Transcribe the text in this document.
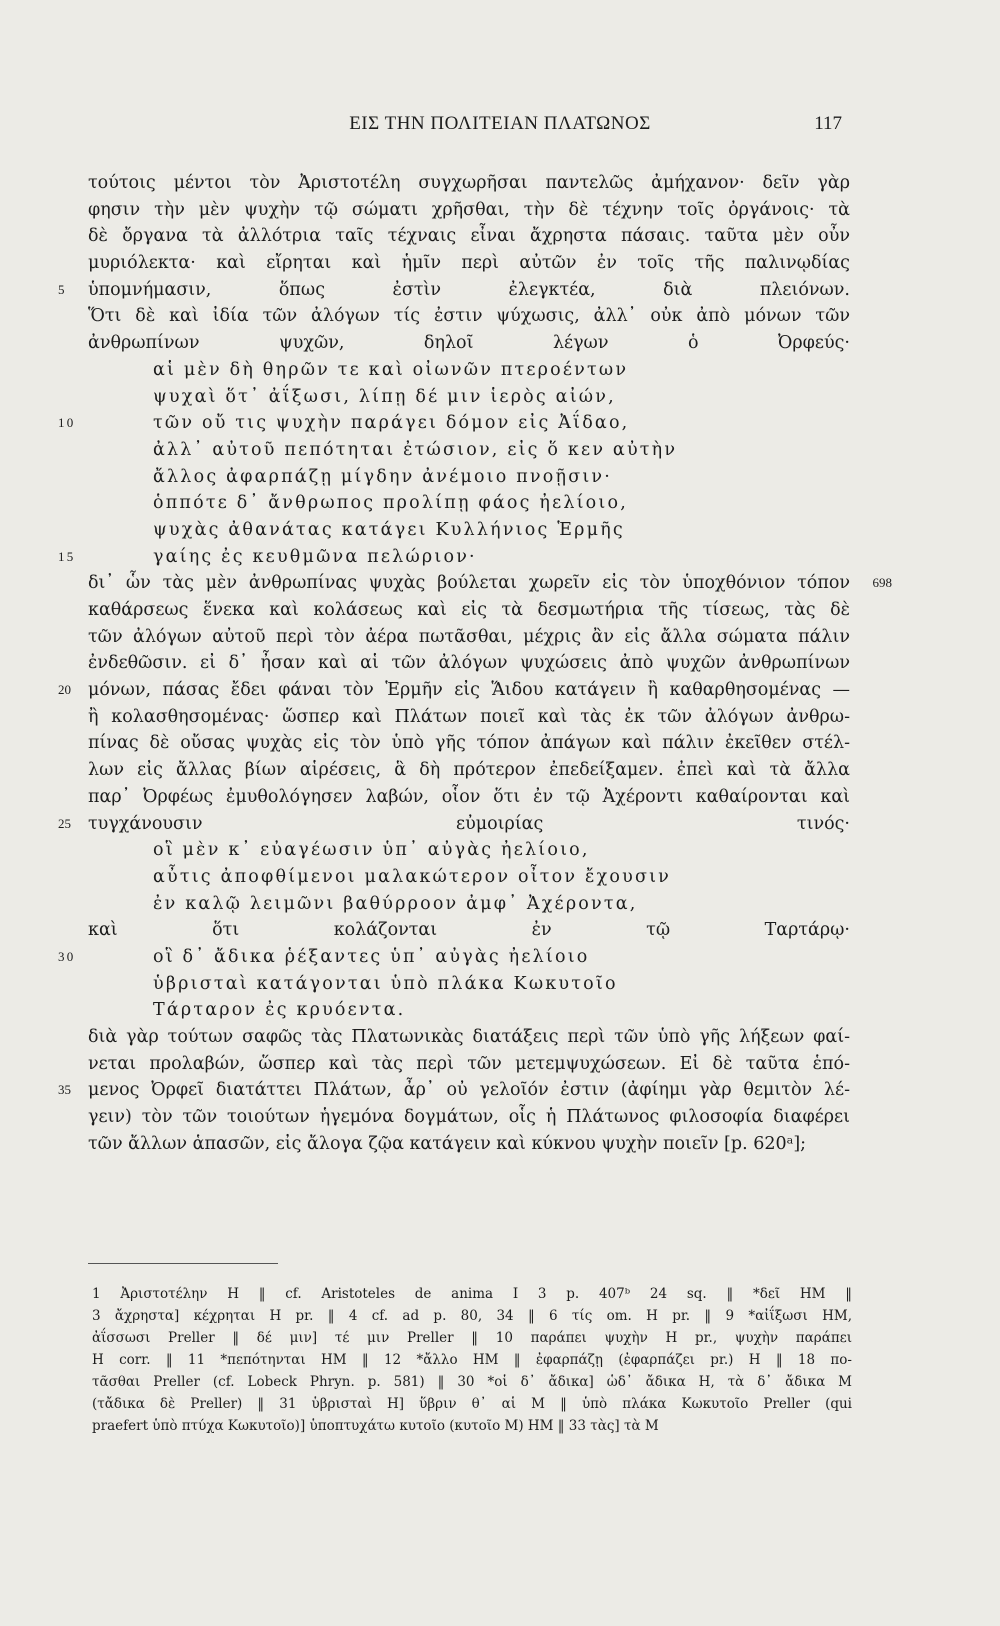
ΕΙΣ ΤΗΝ ΠΟΛΙΤΕΙΑΝ ΠΛΑΤΩΝΟΣ	117
τούτοις μέντοι τὸν Ἀριστοτέλη συγχωρῆσαι παντελῶς ἀμήχανον· δεῖν γὰρ
φησιν τὴν μὲν ψυχὴν τῷ σώματι χρῆσθαι, τὴν δὲ τέχνην τοῖς ὀργάνοις· τὰ
δὲ ὄργανα τὰ ἀλλότρια ταῖς τέχναις εἶναι ἄχρηστα πάσαις. ταῦτα μὲν οὖν
μυριόλεκτα· καὶ εἴρηται καὶ ἡμῖν περὶ αὐτῶν ἐν τοῖς τῆς παλινῳδίας
5	ὑπομνήμασιν, ὅπως ἐστὶν ἐλεγκτέα, διὰ πλειόνων.
Ὅτι δὲ καὶ ἰδία τῶν ἀλόγων τίς ἐστιν ψύχωσις, ἀλλ᾿ οὐκ ἀπὸ μόνων τῶν
ἀνθρωπίνων ψυχῶν, δηλοῖ λέγων ὁ Ὀρφεύς·
αἱ μὲν δὴ θηρῶν τε καὶ οἰωνῶν πτεροέντων
ψυχαὶ ὅτ᾿ ἀΐξωσι, λίπῃ δέ μιν ἱερὸς αἰών,
10	τῶν οὔ τις ψυχὴν παράγει δόμον εἰς Ἀΐδαο,
ἀλλ᾿ αὐτοῦ πεπότηται ἐτώσιον, εἰς ὅ κεν αὐτὴν
ἄλλος ἀφαρπάζῃ μίγδην ἀνέμοιο πνοῇσιν·
ὁππότε δ᾿ ἄνθρωπος προλίπῃ φάος ἠελίοιο,
ψυχὰς ἀθανάτας κατάγει Κυλλήνιος Ἑρμῆς
15	γαίης ἐς κευθμῶνα πελώριον·
δι᾿ ὧν τὰς μὲν ἀνθρωπίνας ψυχὰς βούλεται χωρεῖν εἰς τὸν ὑποχθόνιον τόπον 698
καθάρσεως ἕνεκα καὶ κολάσεως καὶ εἰς τὰ δεσμωτήρια τῆς τίσεως, τὰς δὲ
τῶν ἀλόγων αὐτοῦ περὶ τὸν ἀέρα πωτᾶσθαι, μέχρις ἂν εἰς ἄλλα σώματα πάλιν
ἐνδεθῶσιν. εἰ δ᾿ ἦσαν καὶ αἱ τῶν ἀλόγων ψυχώσεις ἀπὸ ψυχῶν ἀνθρωπίνων
20 μόνων, πάσας ἔδει φάναι τὸν Ἑρμῆν εἰς Ἅιδου κατάγειν ἢ καθαρθησομένας —
ἢ κολασθησομένας· ὥσπερ καὶ Πλάτων ποιεῖ καὶ τὰς ἐκ τῶν ἀλόγων ἀνθρω-
πίνας δὲ οὔσας ψυχὰς εἰς τὸν ὑπὸ γῆς τόπον ἀπάγων καὶ πάλιν ἐκεῖθεν στέλ-
λων εἰς ἄλλας βίων αἱρέσεις, ἃ δὴ πρότερον ἐπεδείξαμεν. ἐπεὶ καὶ τὰ ἄλλα
παρ᾿ Ὀρφέως ἐμυθολόγησεν λαβών, οἷον ὅτι ἐν τῷ Ἀχέροντι καθαίρονται καὶ
25 τυγχάνουσιν εὐμοιρίας τινός·
οἳ μὲν κ᾿ εὐαγέωσιν ὑπ᾿ αὐγὰς ἠελίοιο,
αὖτις ἀποφθίμενοι μαλακώτερον οἶτον ἔχουσιν
ἐν καλῷ λειμῶνι βαθύρροον ἀμφ᾿ Ἀχέροντα,
καὶ ὅτι κολάζονται ἐν τῷ Ταρτάρῳ·
30	οἳ δ᾿ ἄδικα ῥέξαντες ὑπ᾿ αὐγὰς ἠελίοιο
ὑβρισταὶ κατάγονται ὑπὸ πλάκα Κωκυτοῖο
Τάρταρον ἐς κρυόεντα.
διὰ γὰρ τούτων σαφῶς τὰς Πλατωνικὰς διατάξεις περὶ τῶν ὑπὸ γῆς λήξεων φαί-
νεται προλαβών, ὥσπερ καὶ τὰς περὶ τῶν μετεμψυχώσεων. Εἰ δὲ ταῦτα ἑπό-
35 μενος Ὀρφεῖ διατάττει Πλάτων, ἆρ᾿ οὐ γελοῖόν ἐστιν (ἀφίημι γὰρ θεμιτὸν λέ-
γειν) τὸν τῶν τοιούτων ἡγεμόνα δογμάτων, οἷς ἡ Πλάτωνος φιλοσοφία διαφέρει
τῶν ἄλλων ἁπασῶν, εἰς ἄλογα ζῷα κατάγειν καὶ κύκνου ψυχὴν ποιεῖν [p. 620ᵃ];
1 Ἀριστοτέλην H ‖ cf. Aristoteles de anima I 3 p. 407ᵇ 24 sq. ‖ *δεῖ HM ‖
3 ἄχρηστα] κέχρηται H pr. ‖ 4 cf. ad p. 80, 34 ‖ 6 τίς om. H pr. ‖ 9 *αἰΐξωσι HM,
ἀΐσσωσι Preller ‖ δέ μιν] τέ μιν Preller ‖ 10 παράπει ψυχὴν H pr., ψυχὴν παράπει
H corr. ‖ 11 *πεπότηνται HM ‖ 12 *ἄλλο HM ‖ ἐφαρπάζῃ (ἐφαρπάζει pr.) H ‖ 18 πο-
τᾶσθαι Preller (cf. Lobeck Phryn. p. 581) ‖ 30 *οἱ δ᾿ ἄδικα] ὡδ᾿ ἄδικα H, τὰ δ᾿ ἄδικα M
(τἄδικα δὲ Preller) ‖ 31 ὑβρισταὶ H] ὕβριν θ᾿ αἱ M ‖ ὑπὸ πλάκα Κωκυτοῖο Preller (qui
praefert ὑπὸ πτύχα Κωκυτοῖο)] ὑποπτυχάτω κυτοῖο (κυτοῖο M) HM ‖ 33 τὰς] τὰ M
